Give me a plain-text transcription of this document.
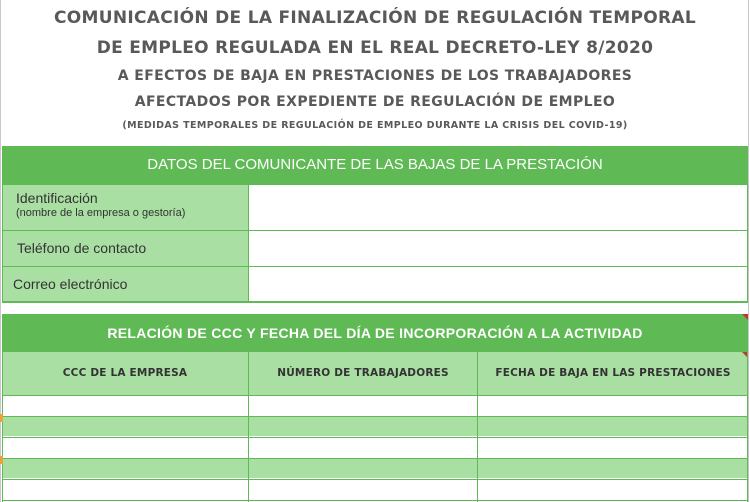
COMUNICACIÓN DE LA FINALIZACIÓN DE REGULACIÓN TEMPORAL
DE EMPLEO REGULADA EN EL REAL DECRETO-LEY 8/2020
A EFECTOS DE BAJA EN PRESTACIONES DE LOS TRABAJADORES
AFECTADOS POR EXPEDIENTE DE REGULACIÓN DE EMPLEO
(MEDIDAS TEMPORALES DE REGULACIÓN DE EMPLEO DURANTE LA CRISIS DEL COVID-19)
DATOS DEL COMUNICANTE DE LAS BAJAS DE LA PRESTACIÓN
Identificación
(nombre de la empresa o gestoría)
Teléfono de contacto
Correo electrónico
RELACIÓN DE CCC Y FECHA DEL DÍA DE INCORPORACIÓN A LA ACTIVIDAD
CCC DE LA EMPRESA	NÚMERO DE TRABAJADORES	FECHA DE BAJA EN LAS PRESTACIONES
